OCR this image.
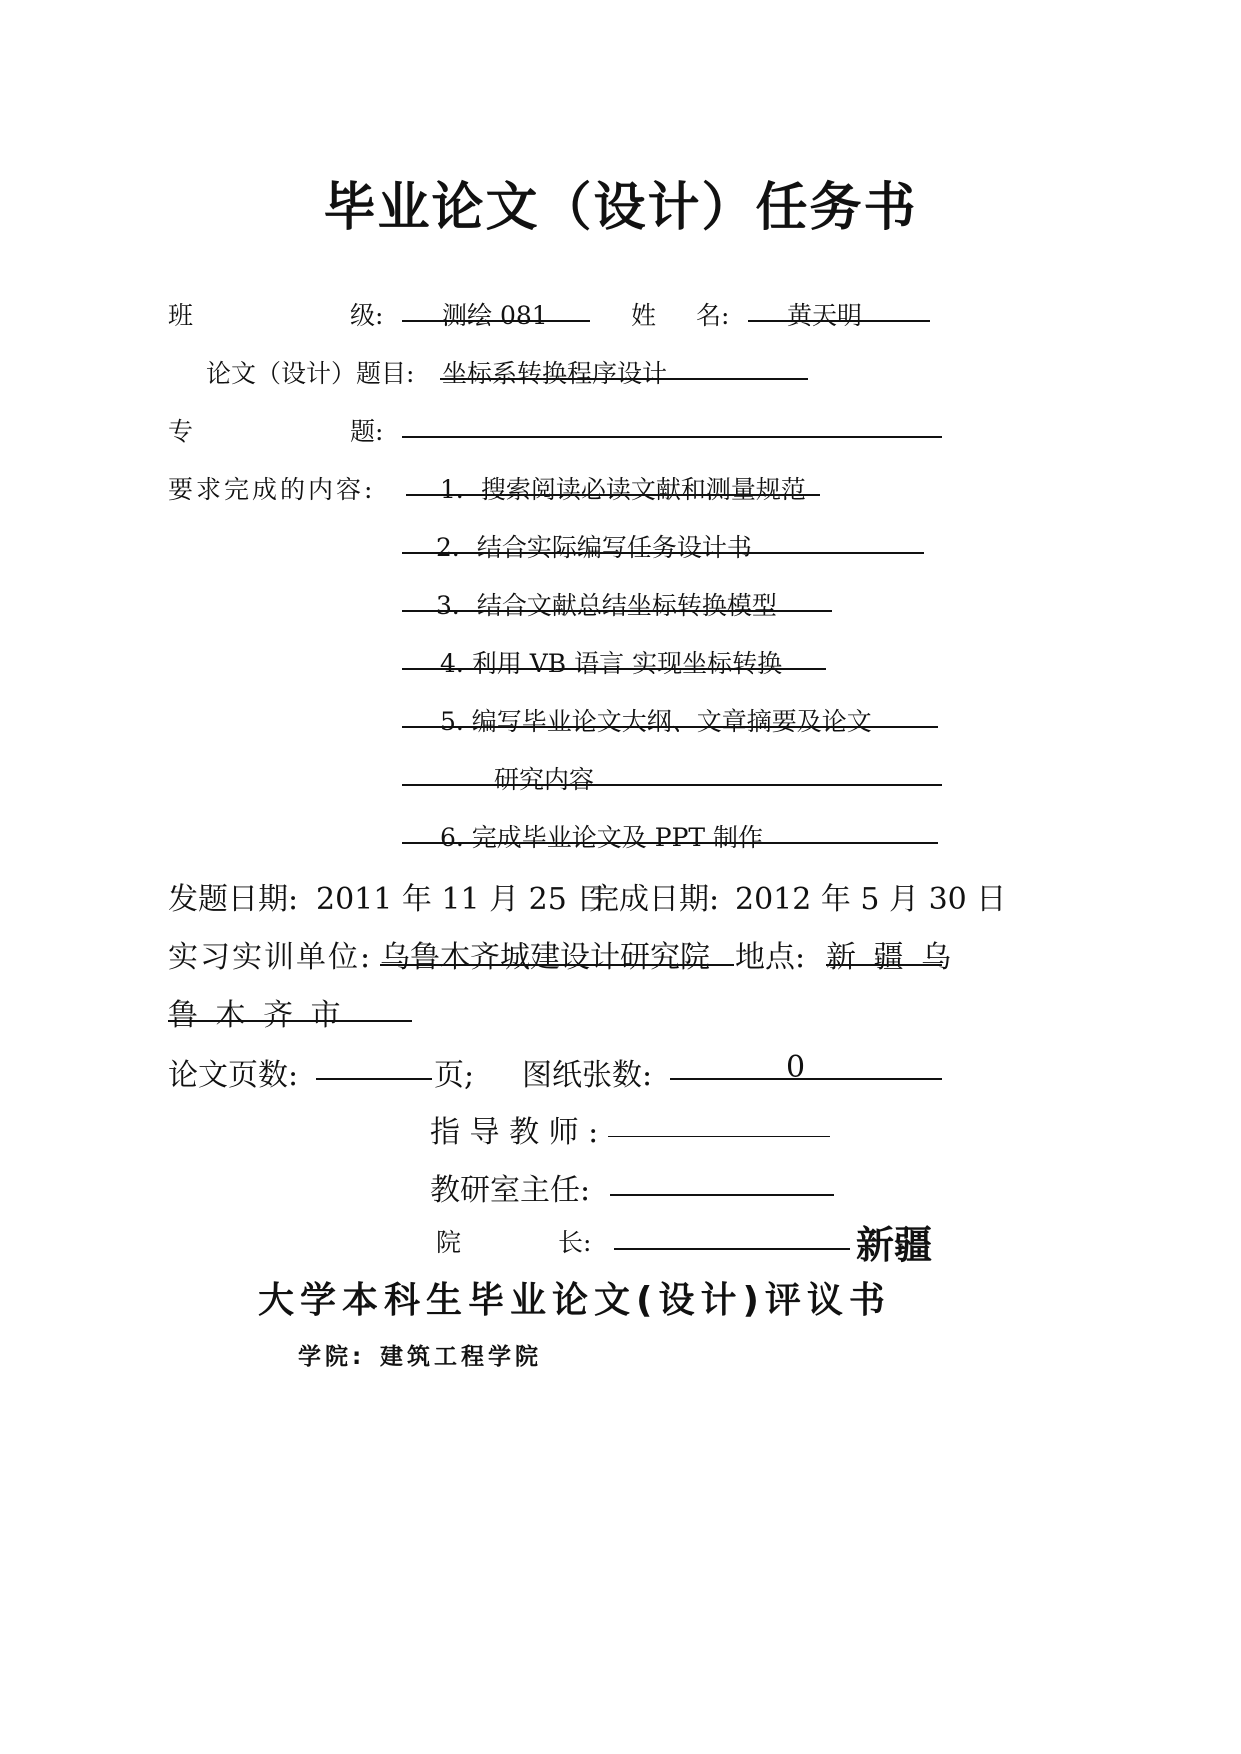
毕业论文（设计）任务书
班	级: 测绘 081	姓 名: 黄天明
论文（设计）题目: 坐标系转换程序设计
专	题:
要求完成的内容:	1．搜索阅读必读文献和测量规范
2．结合实际编写任务设计书
3．结合文献总结坐标转换模型
4. 利用 VB 语言 实现坐标转换
5. 编写毕业论文大纲、文章摘要及论文
研究内容
6. 完成毕业论文及 PPT 制作
发题日期: 2011 年 11 月 25 日
完成日期: 2012 年 5 月 30 日
实习实训单位: 乌鲁木齐城建设计研究院 地点: 新 疆 乌
鲁 木 齐 市
论文页数:	页; 图纸张数:	0
指 导 教 师 :
教研室主任:
院	长:	新疆
大学本科生毕业论文(设计)评议书
学院: 建筑工程学院
